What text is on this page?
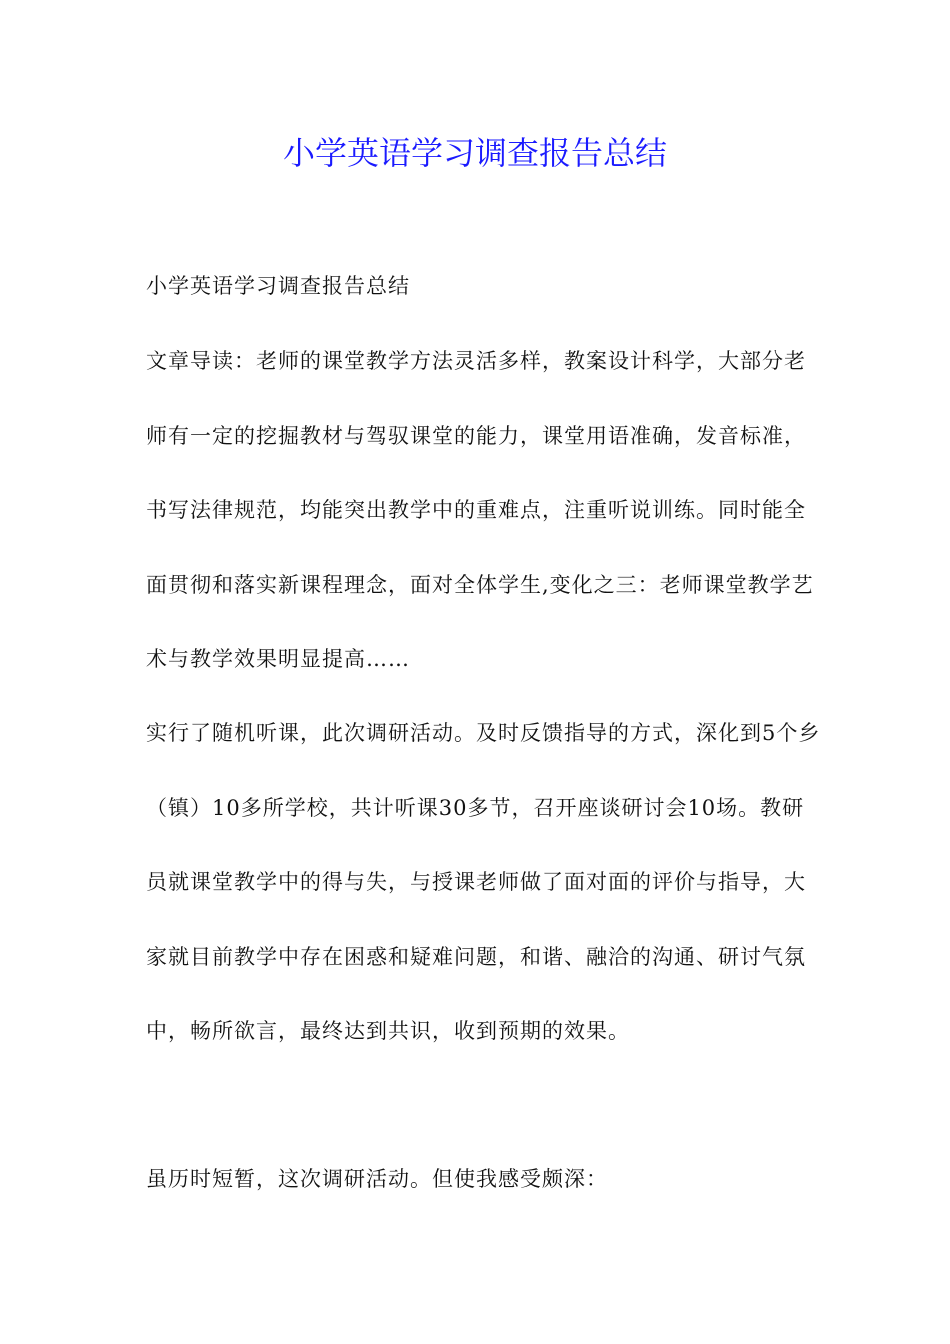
小学英语学习调查报告总结
小学英语学习调查报告总结

文章导读：老师的课堂教学方法灵活多样，教案设计科学，大部分老师有一定的挖掘教材与驾驭课堂的能力，课堂用语准确，发音标准，书写法律规范，均能突出教学中的重难点，注重听说训练。同时能全面贯彻和落实新课程理念，面对全体学生,变化之三：老师课堂教学艺术与教学效果明显提高……

实行了随机听课，此次调研活动。及时反馈指导的方式，深化到5个乡（镇）10多所学校，共计听课30多节，召开座谈研讨会10场。教研员就课堂教学中的得与失，与授课老师做了面对面的评价与指导，大家就目前教学中存在困惑和疑难问题，和谐、融洽的沟通、研讨气氛中，畅所欲言，最终达到共识，收到预期的效果。

虽历时短暂，这次调研活动。但使我感受颇深：
